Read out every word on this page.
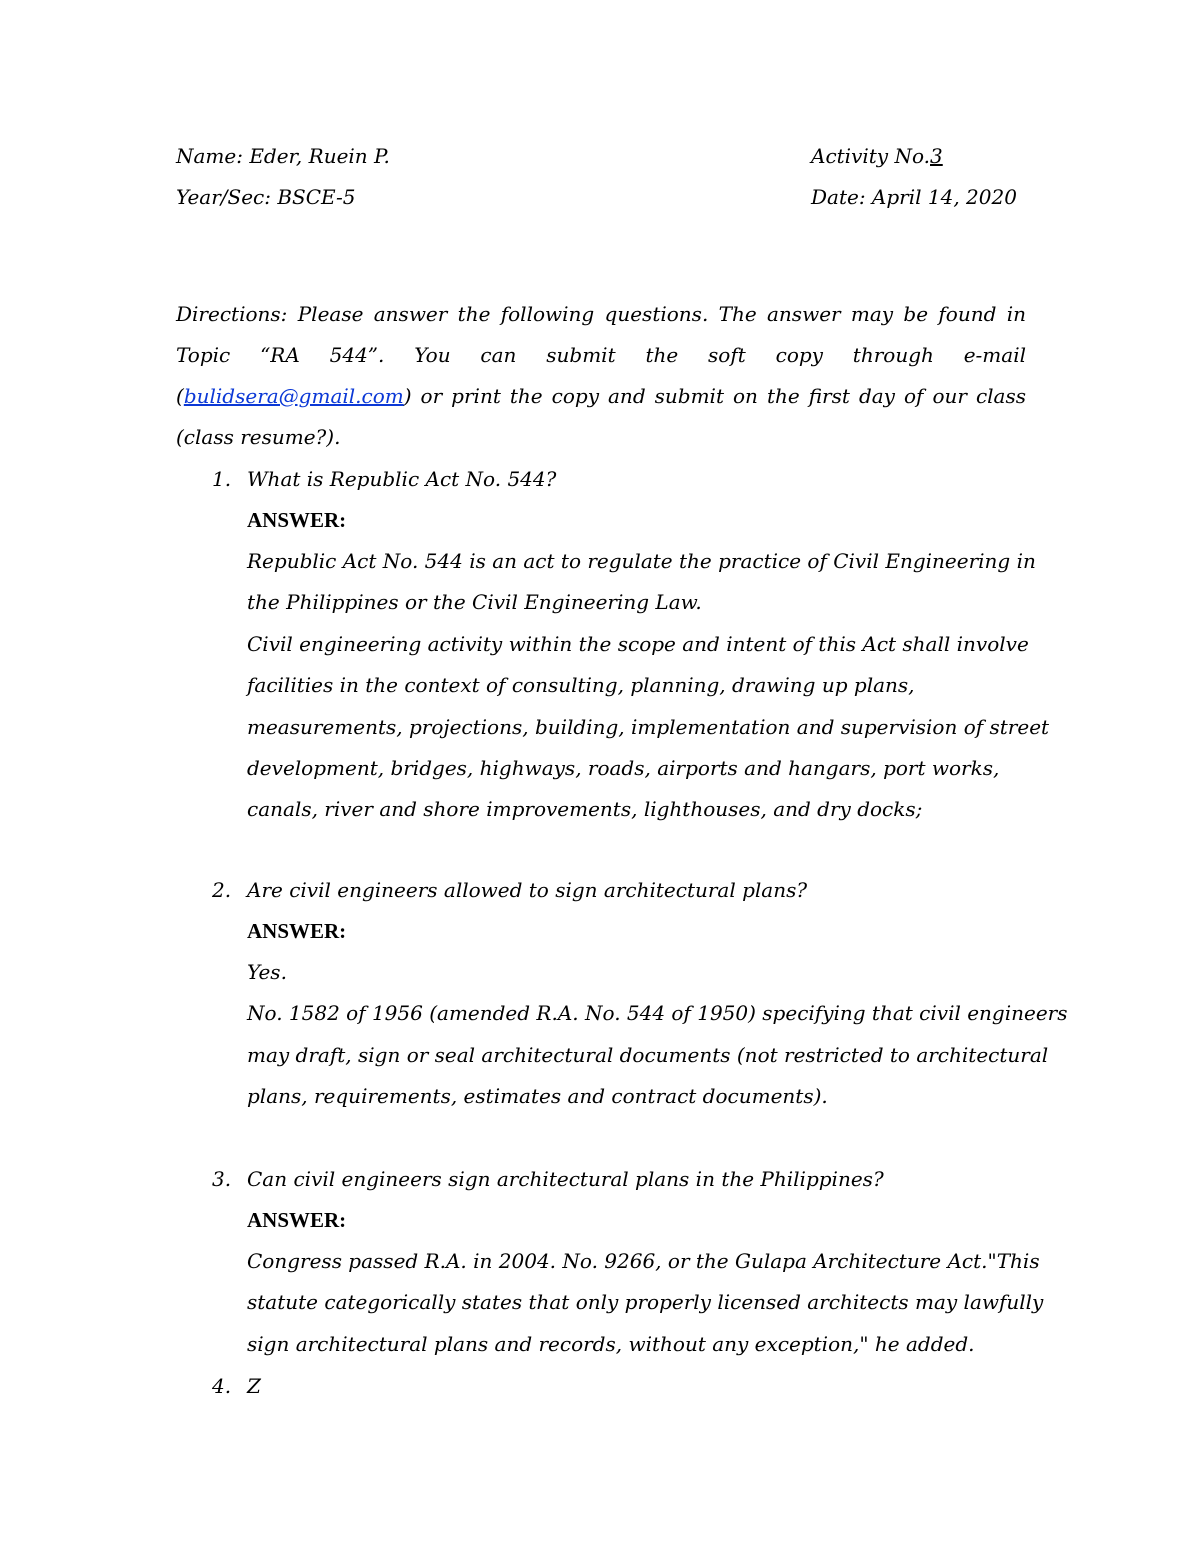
Name: Eder, Ruein P.	Activity No.3
Year/Sec: BSCE-5	Date: April 14, 2020
Directions: Please answer the following questions. The answer may be found in Topic “RA 544”. You can submit the soft copy through e-mail (bulidsera@gmail.com) or print the copy and submit on the first day of our class (class resume?).
1. What is Republic Act No. 544?
ANSWER:
Republic Act No. 544 is an act to regulate the practice of Civil Engineering in
the Philippines or the Civil Engineering Law.
Civil engineering activity within the scope and intent of this Act shall involve
facilities in the context of consulting, planning, drawing up plans,
measurements, projections, building, implementation and supervision of street
development, bridges, highways, roads, airports and hangars, port works,
canals, river and shore improvements, lighthouses, and dry docks;
2. Are civil engineers allowed to sign architectural plans?
ANSWER:
Yes.
No. 1582 of 1956 (amended R.A. No. 544 of 1950) specifying that civil engineers
may draft, sign or seal architectural documents (not restricted to architectural
plans, requirements, estimates and contract documents).
3. Can civil engineers sign architectural plans in the Philippines?
ANSWER:
Congress passed R.A. in 2004. No. 9266, or the Gulapa Architecture Act."This
statute categorically states that only properly licensed architects may lawfully
sign architectural plans and records, without any exception," he added.
4. Z
